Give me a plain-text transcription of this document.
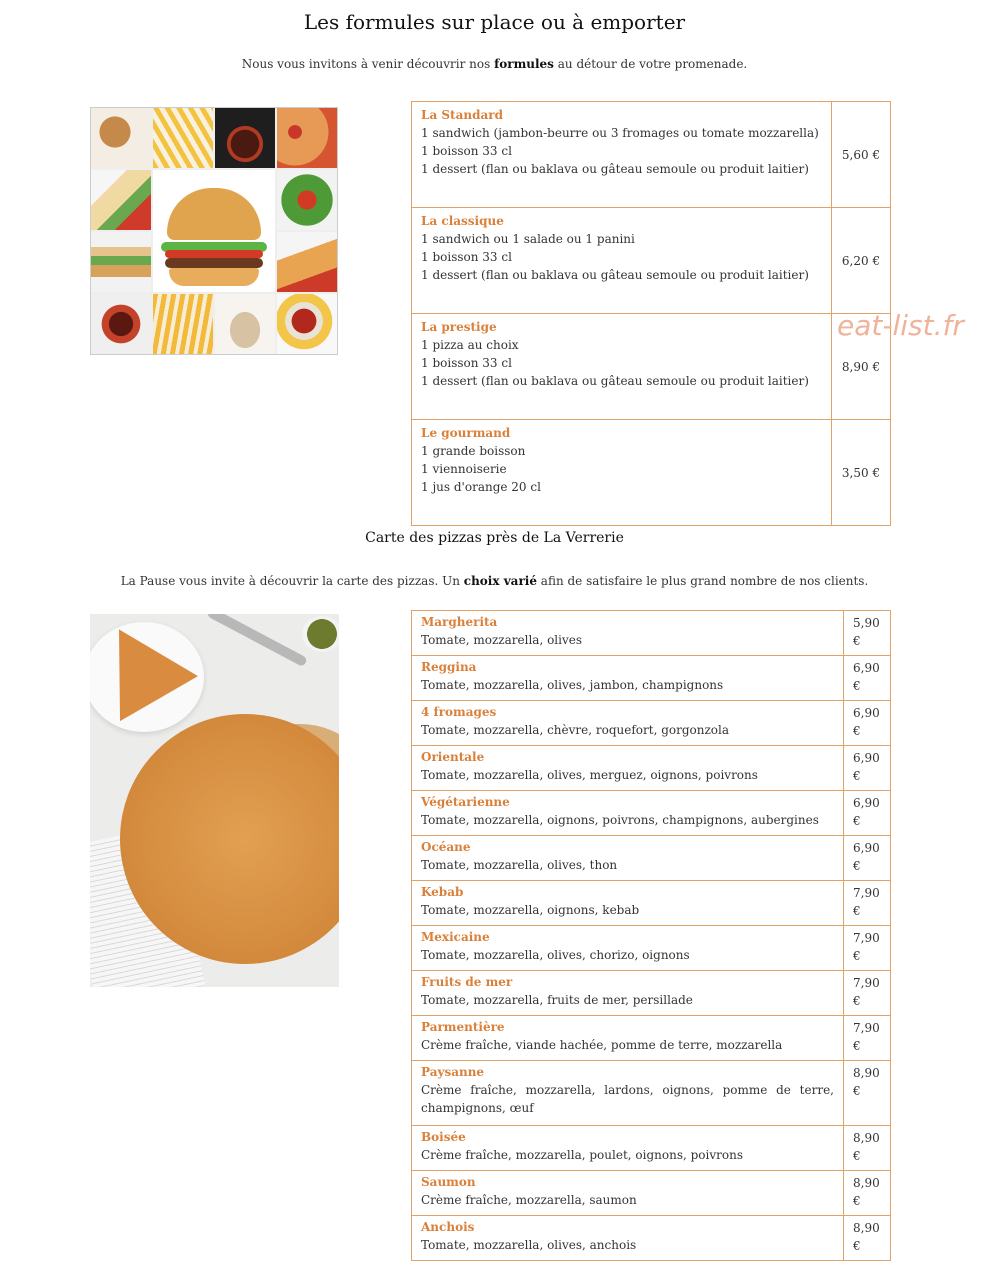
Les formules sur place ou à emporter

Nous vous invitons à venir découvrir nos formules au détour de votre promenade.

La Standard
1 sandwich (jambon-beurre ou 3 fromages ou tomate mozzarella)
1 boisson 33 cl
1 dessert (flan ou baklava ou gâteau semoule ou produit laitier)	5,60 €

La classique
1 sandwich ou 1 salade ou 1 panini
1 boisson 33 cl
1 dessert (flan ou baklava ou gâteau semoule ou produit laitier)	6,20 €

La prestige
1 pizza au choix
1 boisson 33 cl
1 dessert (flan ou baklava ou gâteau semoule ou produit laitier)	8,90 €

Le gourmand
1 grande boisson
1 viennoiserie
1 jus d'orange 20 cl	3,50 €
eat-list.fr
Carte des pizzas près de La Verrerie

La Pause vous invite à découvrir la carte des pizzas. Un choix varié afin de satisfaire le plus grand nombre de nos clients.

Margherita
Tomate, mozzarella, olives	5,90
€

Reggina
Tomate, mozzarella, olives, jambon, champignons	6,90
€

4 fromages
Tomate, mozzarella, chèvre, roquefort, gorgonzola	6,90
€

Orientale
Tomate, mozzarella, olives, merguez, oignons, poivrons	6,90
€

Végétarienne
Tomate, mozzarella, oignons, poivrons, champignons, aubergines	6,90
€

Océane
Tomate, mozzarella, olives, thon	6,90
€

Kebab
Tomate, mozzarella, oignons, kebab	7,90
€

Mexicaine
Tomate, mozzarella, olives, chorizo, oignons	7,90
€

Fruits de mer
Tomate, mozzarella, fruits de mer, persillade	7,90
€

Parmentière
Crème fraîche, viande hachée, pomme de terre, mozzarella	7,90
€

Paysanne
Crème fraîche, mozzarella, lardons, oignons, pomme de terre, champignons, œuf	8,90
€

Boisée
Crème fraîche, mozzarella, poulet, oignons, poivrons	8,90
€

Saumon
Crème fraîche, mozzarella, saumon	8,90
€

Anchois
Tomate, mozzarella, olives, anchois	8,90
€
